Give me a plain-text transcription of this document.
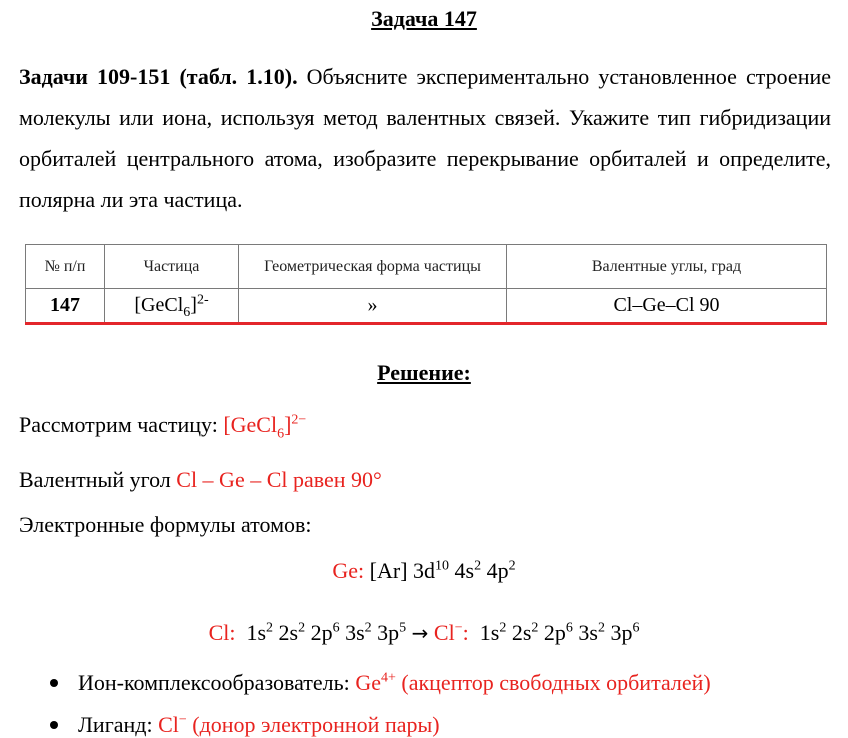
Задача 147
Задачи 109-151 (табл. 1.10). Объясните экспериментально установленное строение молекулы или иона, используя метод валентных связей. Укажите тип гибридизации орбиталей центрального атома, изобразите перекрывание орбиталей и определите, полярна ли эта частица.
№ п/п	Частица	Геометрическая форма частицы	Валентные углы, град
147	[GeCl$_6$]$^{2-}$	»	Cl–Ge–Cl 90
Решение:
Рассмотрим частицу: [GeCl$_6$]$^{2-}$
Валентный угол Cl – Ge – Cl равен 90°
Электронные формулы атомов:
Ge: [Ar] $3d^{10}$ $4s^2$ $4p^2$
Cl: $1s^2$ $2s^2$ $2p^6$ $3s^2$ $3p^5 \to Cl^-$: $1s^2$ $2s^2$ $2p^6$ $3s^2$ $3p^6$
Ион-комплексообразователь: $Ge^{4+}$ (акцептор свободных орбиталей)
Лиганд: Cl− (донор электронной пары)
